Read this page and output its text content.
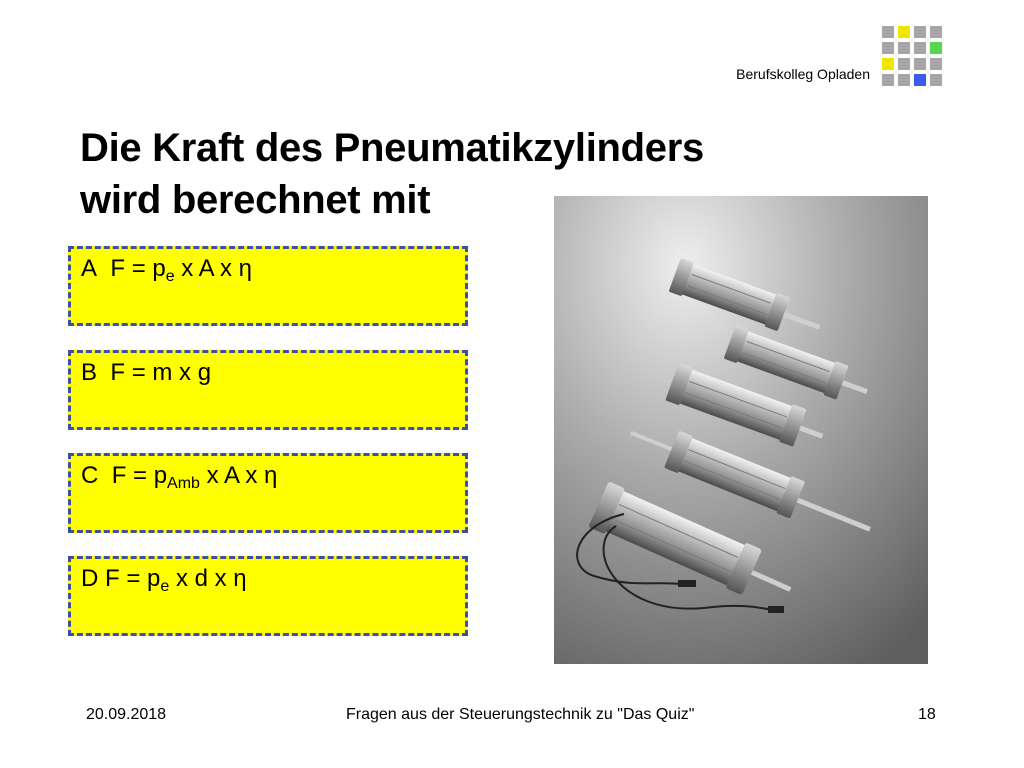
Berufskolleg Opladen
Die Kraft des Pneumatikzylinders
wird berechnet mit
A $F = p_e$ x A x η
B F = m x g
C $F = p_{Amb}$ x A x η
D $F = p_e$ x d x η
20.09.2018	Fragen aus der Steuerungstechnik zu "Das Quiz"	18
